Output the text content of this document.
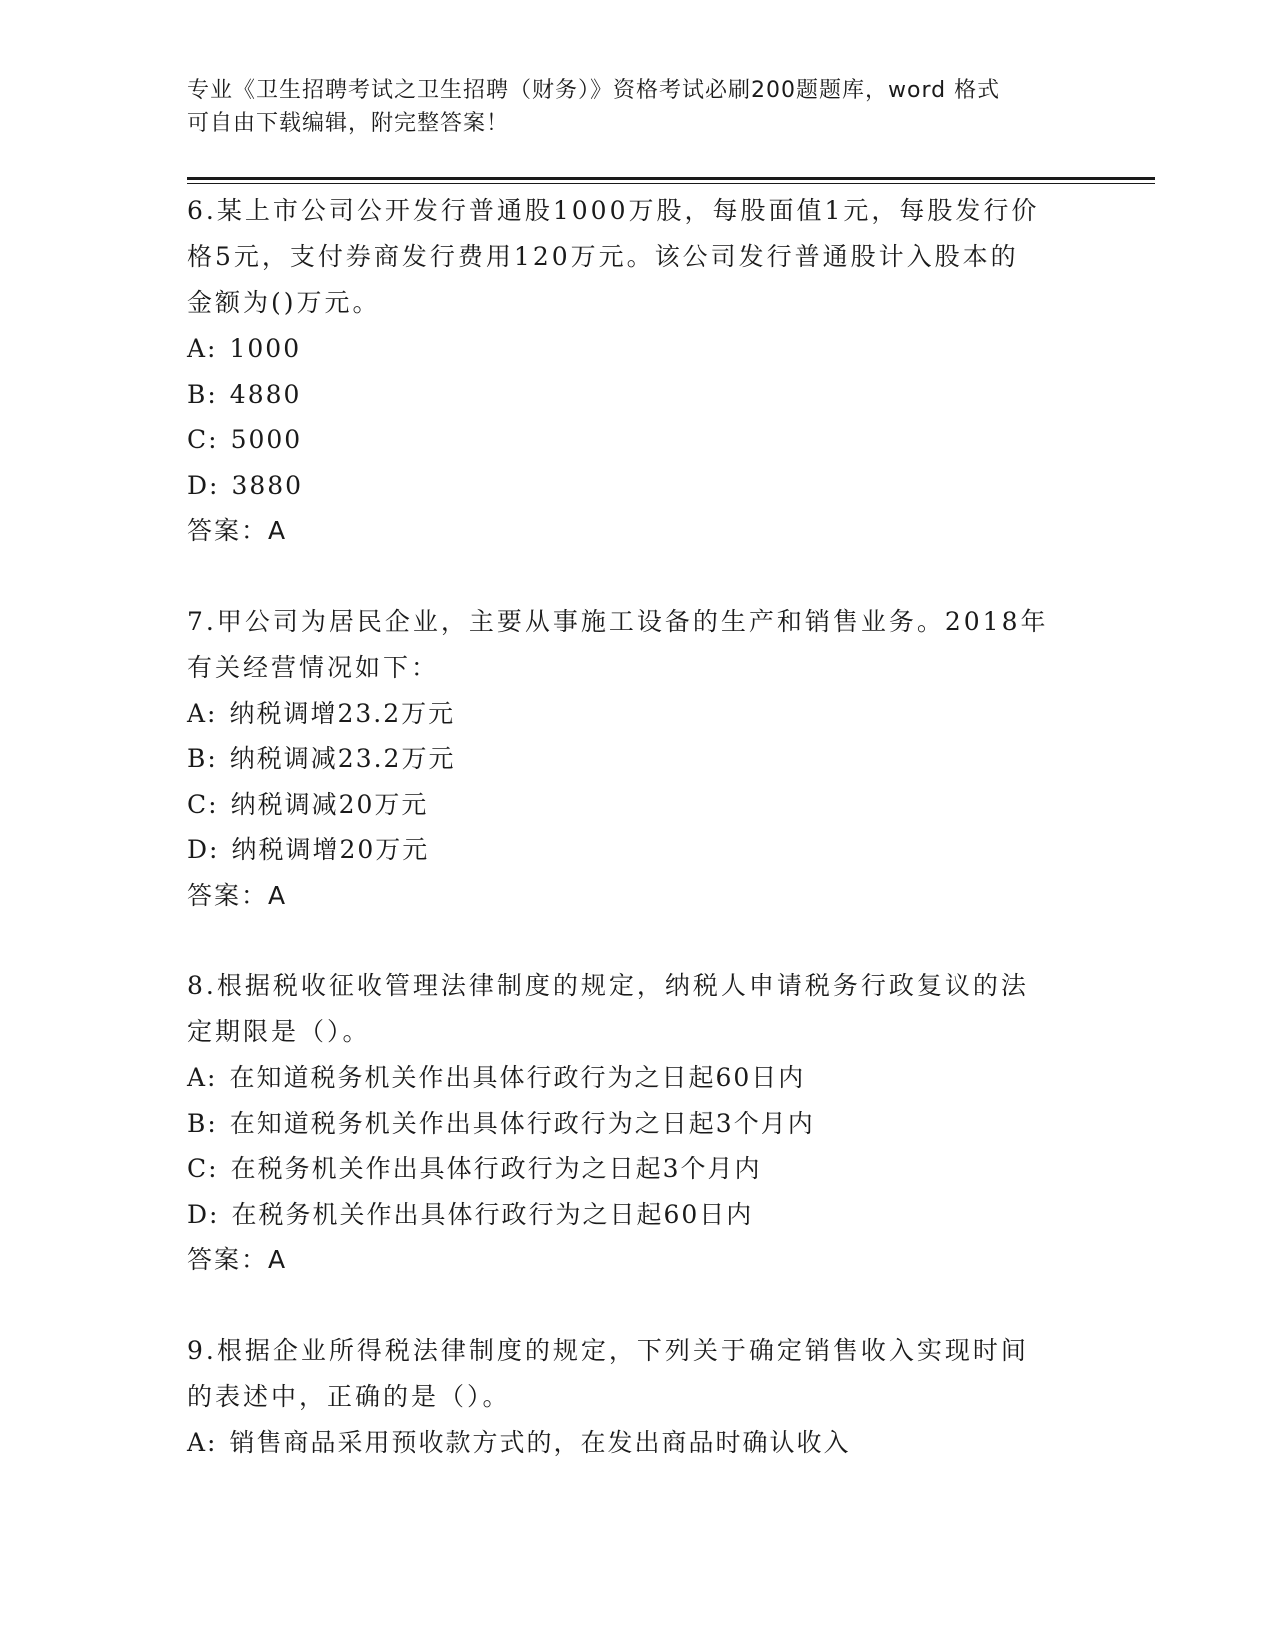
专业《卫生招聘考试之卫生招聘（财务）》资格考试必刷200题题库，word 格式
可自由下载编辑，附完整答案！
6.某上市公司公开发行普通股1000万股，每股面值1元，每股发行价
格5元，支付券商发行费用120万元。该公司发行普通股计入股本的
金额为()万元。
A: 1000
B: 4880
C: 5000
D: 3880
答案：A
7.甲公司为居民企业，主要从事施工设备的生产和销售业务。2018年
有关经营情况如下：
A: 纳税调增23.2万元
B: 纳税调减23.2万元
C: 纳税调减20万元
D: 纳税调增20万元
答案：A
8.根据税收征收管理法律制度的规定，纳税人申请税务行政复议的法
定期限是（）。
A: 在知道税务机关作出具体行政行为之日起60日内
B: 在知道税务机关作出具体行政行为之日起3个月内
C: 在税务机关作出具体行政行为之日起3个月内
D: 在税务机关作出具体行政行为之日起60日内
答案：A
9.根据企业所得税法律制度的规定，下列关于确定销售收入实现时间
的表述中，正确的是（）。
A: 销售商品采用预收款方式的，在发出商品时确认收入
